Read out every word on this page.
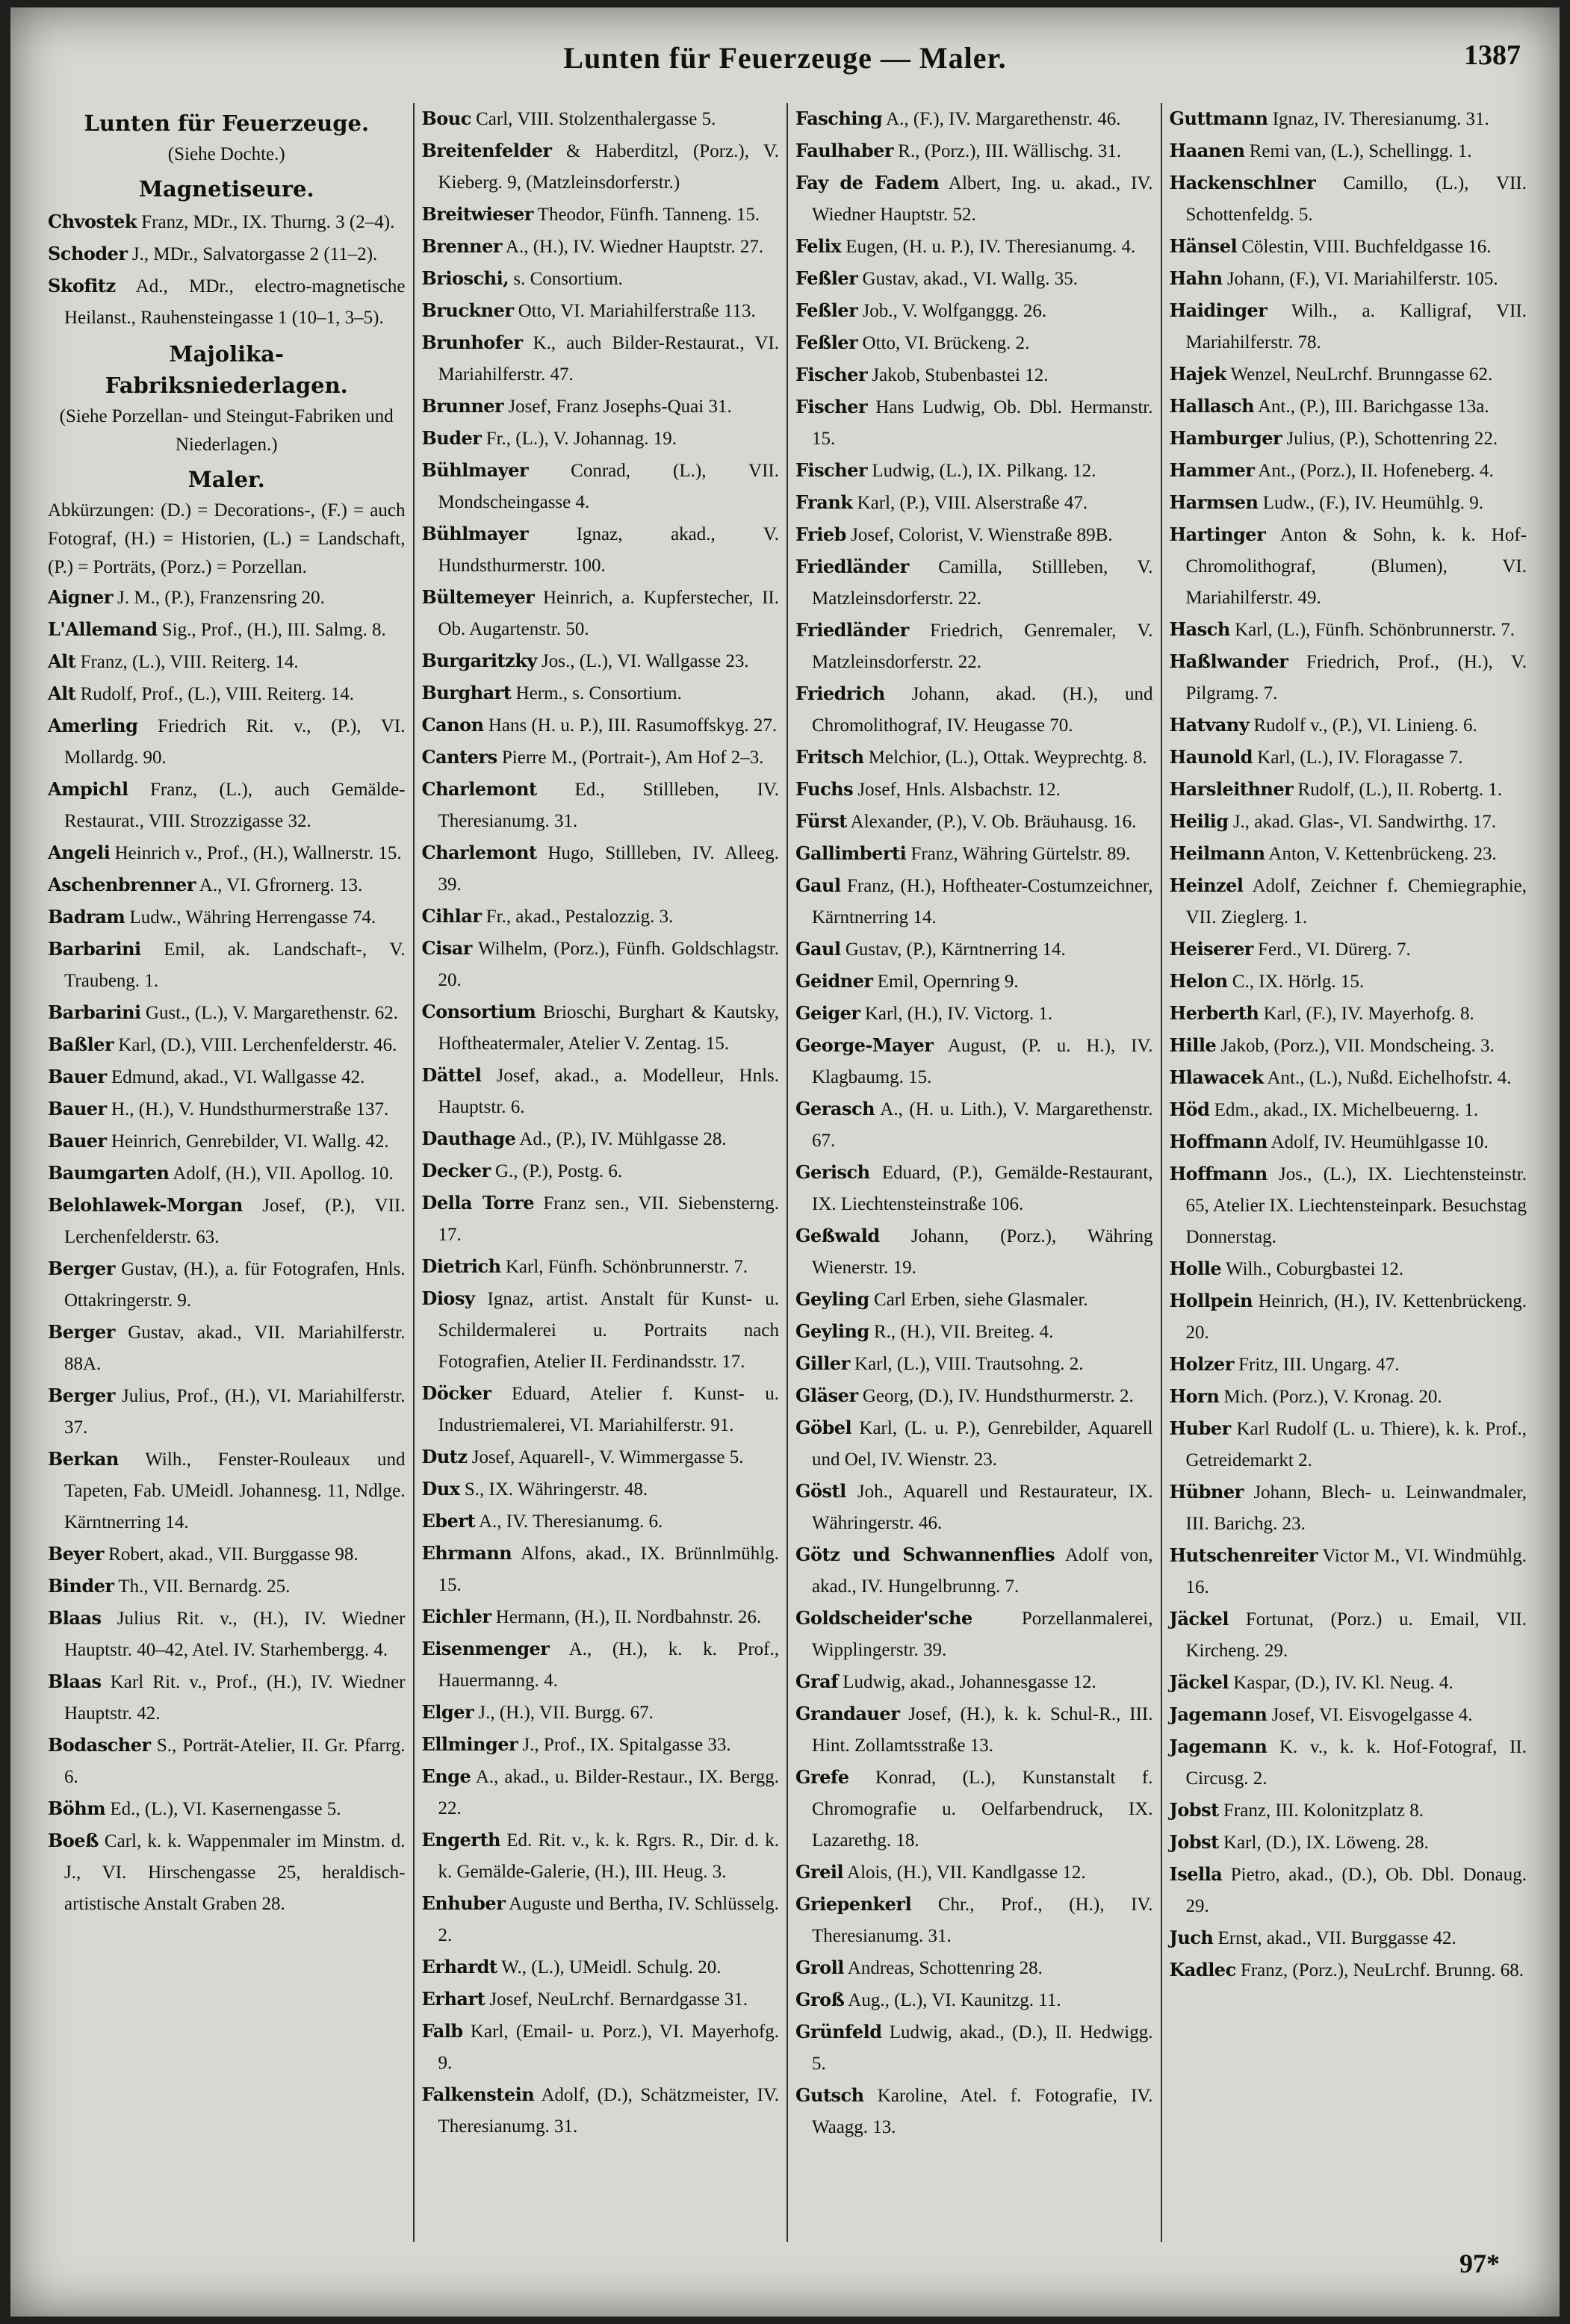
Lunten für Feuerzeuge — Maler.	1387
Lunten für Feuerzeuge.
(Siehe Dochte.)
Magnetiseure.

Chvostek Franz, MDr., IX. Thurng. 3 (2–4).

Schoder J., MDr., Salvatorgasse 2 (11–2).

Skofitz Ad., MDr., electro-magnetische Heilanst., Rauhensteingasse 1 (10–1, 3–5).

Majolika-Fabriksniederlagen.
(Siehe Porzellan- und Steingut-Fabriken und Niederlagen.)
Maler.
Abkürzungen: (D.) = Decorations-, (F.) = auch Fotograf, (H.) = Historien, (L.) = Landschaft, (P.) = Porträts, (Porz.) = Porzellan.

Aigner J. M., (P.), Franzensring 20.

L'Allemand Sig., Prof., (H.), III. Salmg. 8.

Alt Franz, (L.), VIII. Reiterg. 14.

Alt Rudolf, Prof., (L.), VIII. Reiterg. 14.

Amerling Friedrich Rit. v., (P.), VI. Mollardg. 90.

Ampichl Franz, (L.), auch Gemälde-Restaurat., VIII. Strozzigasse 32.

Angeli Heinrich v., Prof., (H.), Wallnerstr. 15.

Aschenbrenner A., VI. Gfrornerg. 13.

Badram Ludw., Währing Herrengasse 74.

Barbarini Emil, ak. Landschaft-, V. Traubeng. 1.

Barbarini Gust., (L.), V. Margarethenstr. 62.

Baßler Karl, (D.), VIII. Lerchenfelderstr. 46.

Bauer Edmund, akad., VI. Wallgasse 42.

Bauer H., (H.), V. Hundsthurmerstraße 137.

Bauer Heinrich, Genrebilder, VI. Wallg. 42.

Baumgarten Adolf, (H.), VII. Apollog. 10.

Belohlawek-Morgan Josef, (P.), VII. Lerchenfelderstr. 63.

Berger Gustav, (H.), a. für Fotografen, Hnls. Ottakringerstr. 9.

Berger Gustav, akad., VII. Mariahilferstr. 88A.

Berger Julius, Prof., (H.), VI. Mariahilferstr. 37.

Berkan Wilh., Fenster-Rouleaux und Tapeten, Fab. UMeidl. Johannesg. 11, Ndlge. Kärntnerring 14.

Beyer Robert, akad., VII. Burggasse 98.

Binder Th., VII. Bernardg. 25.

Blaas Julius Rit. v., (H.), IV. Wiedner Hauptstr. 40–42, Atel. IV. Starhembergg. 4.

Blaas Karl Rit. v., Prof., (H.), IV. Wiedner Hauptstr. 42.

Bodascher S., Porträt-Atelier, II. Gr. Pfarrg. 6.

Böhm Ed., (L.), VI. Kasernengasse 5.

Boeß Carl, k. k. Wappenmaler im Minstm. d. J., VI. Hirschengasse 25, heraldisch-artistische Anstalt Graben 28.

Bouc Carl, VIII. Stolzenthalergasse 5.

Breitenfelder & Haberditzl, (Porz.), V. Kieberg. 9, (Matzleinsdorferstr.)

Breitwieser Theodor, Fünfh. Tanneng. 15.

Brenner A., (H.), IV. Wiedner Hauptstr. 27.

Brioschi, s. Consortium.

Bruckner Otto, VI. Mariahilferstraße 113.

Brunhofer K., auch Bilder-Restaurat., VI. Mariahilferstr. 47.

Brunner Josef, Franz Josephs-Quai 31.

Buder Fr., (L.), V. Johannag. 19.

Bühlmayer Conrad, (L.), VII. Mondscheingasse 4.

Bühlmayer Ignaz, akad., V. Hundsthurmerstr. 100.

Bültemeyer Heinrich, a. Kupferstecher, II. Ob. Augartenstr. 50.

Burgaritzky Jos., (L.), VI. Wallgasse 23.

Burghart Herm., s. Consortium.

Canon Hans (H. u. P.), III. Rasumoffskyg. 27.

Canters Pierre M., (Portrait-), Am Hof 2–3.

Charlemont Ed., Stillleben, IV. Theresianumg. 31.

Charlemont Hugo, Stillleben, IV. Alleeg. 39.

Cihlar Fr., akad., Pestalozzig. 3.

Cisar Wilhelm, (Porz.), Fünfh. Goldschlagstr. 20.

Consortium Brioschi, Burghart & Kautsky, Hoftheatermaler, Atelier V. Zentag. 15.

Dättel Josef, akad., a. Modelleur, Hnls. Hauptstr. 6.

Dauthage Ad., (P.), IV. Mühlgasse 28.

Decker G., (P.), Postg. 6.

Della Torre Franz sen., VII. Siebensterng. 17.

Dietrich Karl, Fünfh. Schönbrunnerstr. 7.

Diosy Ignaz, artist. Anstalt für Kunst- u. Schildermalerei u. Portraits nach Fotografien, Atelier II. Ferdinandsstr. 17.

Döcker Eduard, Atelier f. Kunst- u. Industriemalerei, VI. Mariahilferstr. 91.

Dutz Josef, Aquarell-, V. Wimmergasse 5.

Dux S., IX. Währingerstr. 48.

Ebert A., IV. Theresianumg. 6.

Ehrmann Alfons, akad., IX. Brünnlmühlg. 15.

Eichler Hermann, (H.), II. Nordbahnstr. 26.

Eisenmenger A., (H.), k. k. Prof., Hauermanng. 4.

Elger J., (H.), VII. Burgg. 67.

Ellminger J., Prof., IX. Spitalgasse 33.

Enge A., akad., u. Bilder-Restaur., IX. Bergg. 22.

Engerth Ed. Rit. v., k. k. Rgrs. R., Dir. d. k. k. Gemälde-Galerie, (H.), III. Heug. 3.

Enhuber Auguste und Bertha, IV. Schlüsselg. 2.

Erhardt W., (L.), UMeidl. Schulg. 20.

Erhart Josef, NeuLrchf. Bernardgasse 31.

Falb Karl, (Email- u. Porz.), VI. Mayerhofg. 9.

Falkenstein Adolf, (D.), Schätzmeister, IV. Theresianumg. 31.

Fasching A., (F.), IV. Margarethenstr. 46.

Faulhaber R., (Porz.), III. Wällischg. 31.

Fay de Fadem Albert, Ing. u. akad., IV. Wiedner Hauptstr. 52.

Felix Eugen, (H. u. P.), IV. Theresianumg. 4.

Feßler Gustav, akad., VI. Wallg. 35.

Feßler Job., V. Wolfganggg. 26.

Feßler Otto, VI. Brückeng. 2.

Fischer Jakob, Stubenbastei 12.

Fischer Hans Ludwig, Ob. Dbl. Hermanstr. 15.

Fischer Ludwig, (L.), IX. Pilkang. 12.

Frank Karl, (P.), VIII. Alserstraße 47.

Frieb Josef, Colorist, V. Wienstraße 89B.

Friedländer Camilla, Stillleben, V. Matzleinsdorferstr. 22.

Friedländer Friedrich, Genremaler, V. Matzleinsdorferstr. 22.

Friedrich Johann, akad. (H.), und Chromolithograf, IV. Heugasse 70.

Fritsch Melchior, (L.), Ottak. Weyprechtg. 8.

Fuchs Josef, Hnls. Alsbachstr. 12.

Fürst Alexander, (P.), V. Ob. Bräuhausg. 16.

Gallimberti Franz, Währing Gürtelstr. 89.

Gaul Franz, (H.), Hoftheater-Costumzeichner, Kärntnerring 14.

Gaul Gustav, (P.), Kärntnerring 14.

Geidner Emil, Opernring 9.

Geiger Karl, (H.), IV. Victorg. 1.

George-Mayer August, (P. u. H.), IV. Klagbaumg. 15.

Gerasch A., (H. u. Lith.), V. Margarethenstr. 67.

Gerisch Eduard, (P.), Gemälde-Restaurant, IX. Liechtensteinstraße 106.

Geßwald Johann, (Porz.), Währing Wienerstr. 19.

Geyling Carl Erben, siehe Glasmaler.

Geyling R., (H.), VII. Breiteg. 4.

Giller Karl, (L.), VIII. Trautsohng. 2.

Gläser Georg, (D.), IV. Hundsthurmerstr. 2.

Göbel Karl, (L. u. P.), Genrebilder, Aquarell und Oel, IV. Wienstr. 23.

Göstl Joh., Aquarell und Restaurateur, IX. Währingerstr. 46.

Götz und Schwannenflies Adolf von, akad., IV. Hungelbrunng. 7.

Goldscheider'sche Porzellanmalerei, Wipplingerstr. 39.

Graf Ludwig, akad., Johannesgasse 12.

Grandauer Josef, (H.), k. k. Schul-R., III. Hint. Zollamtsstraße 13.

Grefe Konrad, (L.), Kunstanstalt f. Chromografie u. Oelfarbendruck, IX. Lazarethg. 18.

Greil Alois, (H.), VII. Kandlgasse 12.

Griepenkerl Chr., Prof., (H.), IV. Theresianumg. 31.

Groll Andreas, Schottenring 28.

Groß Aug., (L.), VI. Kaunitzg. 11.

Grünfeld Ludwig, akad., (D.), II. Hedwigg. 5.

Gutsch Karoline, Atel. f. Fotografie, IV. Waagg. 13.

Guttmann Ignaz, IV. Theresianumg. 31.

Haanen Remi van, (L.), Schellingg. 1.

Hackenschlner Camillo, (L.), VII. Schottenfeldg. 5.

Hänsel Cölestin, VIII. Buchfeldgasse 16.

Hahn Johann, (F.), VI. Mariahilferstr. 105.

Haidinger Wilh., a. Kalligraf, VII. Mariahilferstr. 78.

Hajek Wenzel, NeuLrchf. Brunngasse 62.

Hallasch Ant., (P.), III. Barichgasse 13a.

Hamburger Julius, (P.), Schottenring 22.

Hammer Ant., (Porz.), II. Hofeneberg. 4.

Harmsen Ludw., (F.), IV. Heumühlg. 9.

Hartinger Anton & Sohn, k. k. Hof-Chromolithograf, (Blumen), VI. Mariahilferstr. 49.

Hasch Karl, (L.), Fünfh. Schönbrunnerstr. 7.

Haßlwander Friedrich, Prof., (H.), V. Pilgramg. 7.

Hatvany Rudolf v., (P.), VI. Linieng. 6.

Haunold Karl, (L.), IV. Floragasse 7.

Harsleithner Rudolf, (L.), II. Robertg. 1.

Heilig J., akad. Glas-, VI. Sandwirthg. 17.

Heilmann Anton, V. Kettenbrückeng. 23.

Heinzel Adolf, Zeichner f. Chemiegraphie, VII. Zieglerg. 1.

Heiserer Ferd., VI. Dürerg. 7.

Helon C., IX. Hörlg. 15.

Herberth Karl, (F.), IV. Mayerhofg. 8.

Hille Jakob, (Porz.), VII. Mondscheing. 3.

Hlawacek Ant., (L.), Nußd. Eichelhofstr. 4.

Höd Edm., akad., IX. Michelbeuerng. 1.

Hoffmann Adolf, IV. Heumühlgasse 10.

Hoffmann Jos., (L.), IX. Liechtensteinstr. 65, Atelier IX. Liechtensteinpark. Besuchstag Donnerstag.

Holle Wilh., Coburgbastei 12.

Hollpein Heinrich, (H.), IV. Kettenbrückeng. 20.

Holzer Fritz, III. Ungarg. 47.

Horn Mich. (Porz.), V. Kronag. 20.

Huber Karl Rudolf (L. u. Thiere), k. k. Prof., Getreidemarkt 2.

Hübner Johann, Blech- u. Leinwandmaler, III. Barichg. 23.

Hutschenreiter Victor M., VI. Windmühlg. 16.

Jäckel Fortunat, (Porz.) u. Email, VII. Kircheng. 29.

Jäckel Kaspar, (D.), IV. Kl. Neug. 4.

Jagemann Josef, VI. Eisvogelgasse 4.

Jagemann K. v., k. k. Hof-Fotograf, II. Circusg. 2.

Jobst Franz, III. Kolonitzplatz 8.

Jobst Karl, (D.), IX. Löweng. 28.

Isella Pietro, akad., (D.), Ob. Dbl. Donaug. 29.

Juch Ernst, akad., VII. Burggasse 42.

Kadlec Franz, (Porz.), NeuLrchf. Brunng. 68.

97*
